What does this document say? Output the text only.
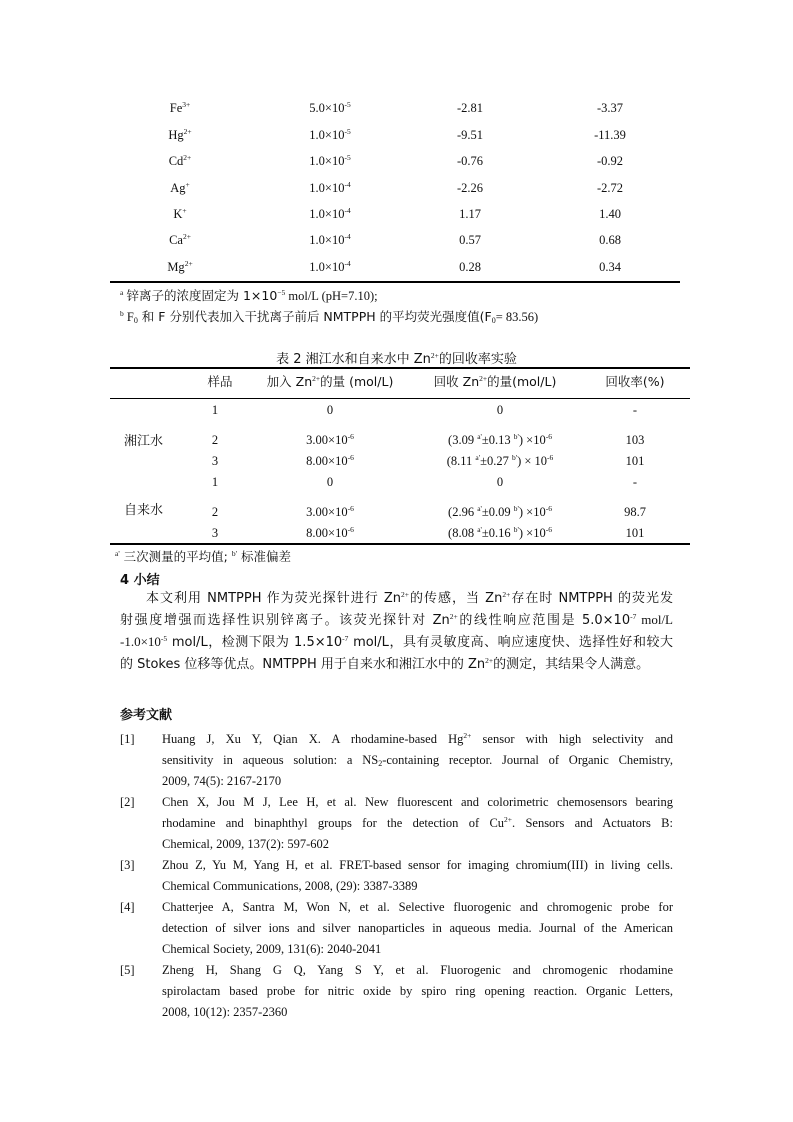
$Fe^{3+}$	$5.0\times 10^{-5}$	-2.81	-3.37
$Hg^{2+}$	$1.0\times 10^{-5}$	-9.51	-11.39
$Cd^{2+}$	$1.0\times 10^{-5}$	-0.76	-0.92
Ag+	$1.0\times 10^{-4}$	-2.26	-2.72
K+	$1.0\times 10^{-4}$	1.17	1.40
$Ca^{2+}$	$1.0\times 10^{-4}$	0.57	0.68
$Mg^{2+}$	$1.0\times 10^{-4}$	0.28	0.34
$^a$ 锌离子的浓度固定为 $1\times 10^{-5}$ mol/L (pH=7.10);
$^b$ $F_0$ 和 F 分别代表加入干扰离子前后 NMTPPH 的平均荧光强度值$(F_0= 83.56)$
表 2 湘江水和自来水中 $Zn^{2+}$的回收率实验
样品	加入 $Zn^{2+}$的量 (mol/L)	回收 $Zn^{2+}$的量(mol/L)	回收率(%)
湘江水
1	0	0	-
2	$3.00\times 10^{-6}$	(3.09 $^{a'}$±0.13 $^{b'}) \times 10^{-6}$	103
3	$8.00\times 10^{-6}$	(8.11 $^{a'}$±0.27 $^{b'}) \times 10^{-6}$	101
自来水
1	0	0	-
2	$3.00\times 10^{-6}$	(2.96 $^{a'}$±0.09 $^{b'}) \times 10^{-6}$	98.7
3	$8.00\times 10^{-6}$	(8.08 $^{a'}$±0.16 $^{b'}) \times 10^{-6}$	101
$^{a'}$ 三次测量的平均值; $^{b'}$ 标准偏差
4 小结
本文利用 NMTPPH 作为荧光探针进行 $Zn^{2+}$的传感，当 $Zn^{2+}$存在时 NMTPPH 的荧光发
射强度增强而选择性识别锌离子。该荧光探针对 $Zn^{2+}$的线性响应范围是 $5.0\times 10^{-7}$ mol/L
$-1.0\times 10^{-5}$ mol/L，检测下限为 $1.5\times 10^{-7}$ mol/L，具有灵敏度高、响应速度快、选择性好和较大
的 Stokes 位移等优点。NMTPPH 用于自来水和湘江水中的 $Zn^{2+}$的测定，其结果令人满意。
参考文献
[1] Huang J, Xu Y, Qian X. A rhodamine-based $Hg^{2+}$ sensor with high selectivity and
sensitivity in aqueous solution: a $NS_2$-containing receptor. Journal of Organic Chemistry,
2009, 74(5): 2167-2170
[2] Chen X, Jou M J, Lee H, et al. New fluorescent and colorimetric chemosensors bearing
rhodamine and binaphthyl groups for the detection of $Cu^{2+}$. Sensors and Actuators B:
Chemical, 2009, 137(2): 597-602
[3] Zhou Z, Yu M, Yang H, et al. FRET-based sensor for imaging chromium(III) in living cells.
Chemical Communications, 2008, (29): 3387-3389
[4] Chatterjee A, Santra M, Won N, et al. Selective fluorogenic and chromogenic probe for
detection of silver ions and silver nanoparticles in aqueous media. Journal of the American
Chemical Society, 2009, 131(6): 2040-2041
[5] Zheng H, Shang G Q, Yang S Y, et al. Fluorogenic and chromogenic rhodamine
spirolactam based probe for nitric oxide by spiro ring opening reaction. Organic Letters,
2008, 10(12): 2357-2360
